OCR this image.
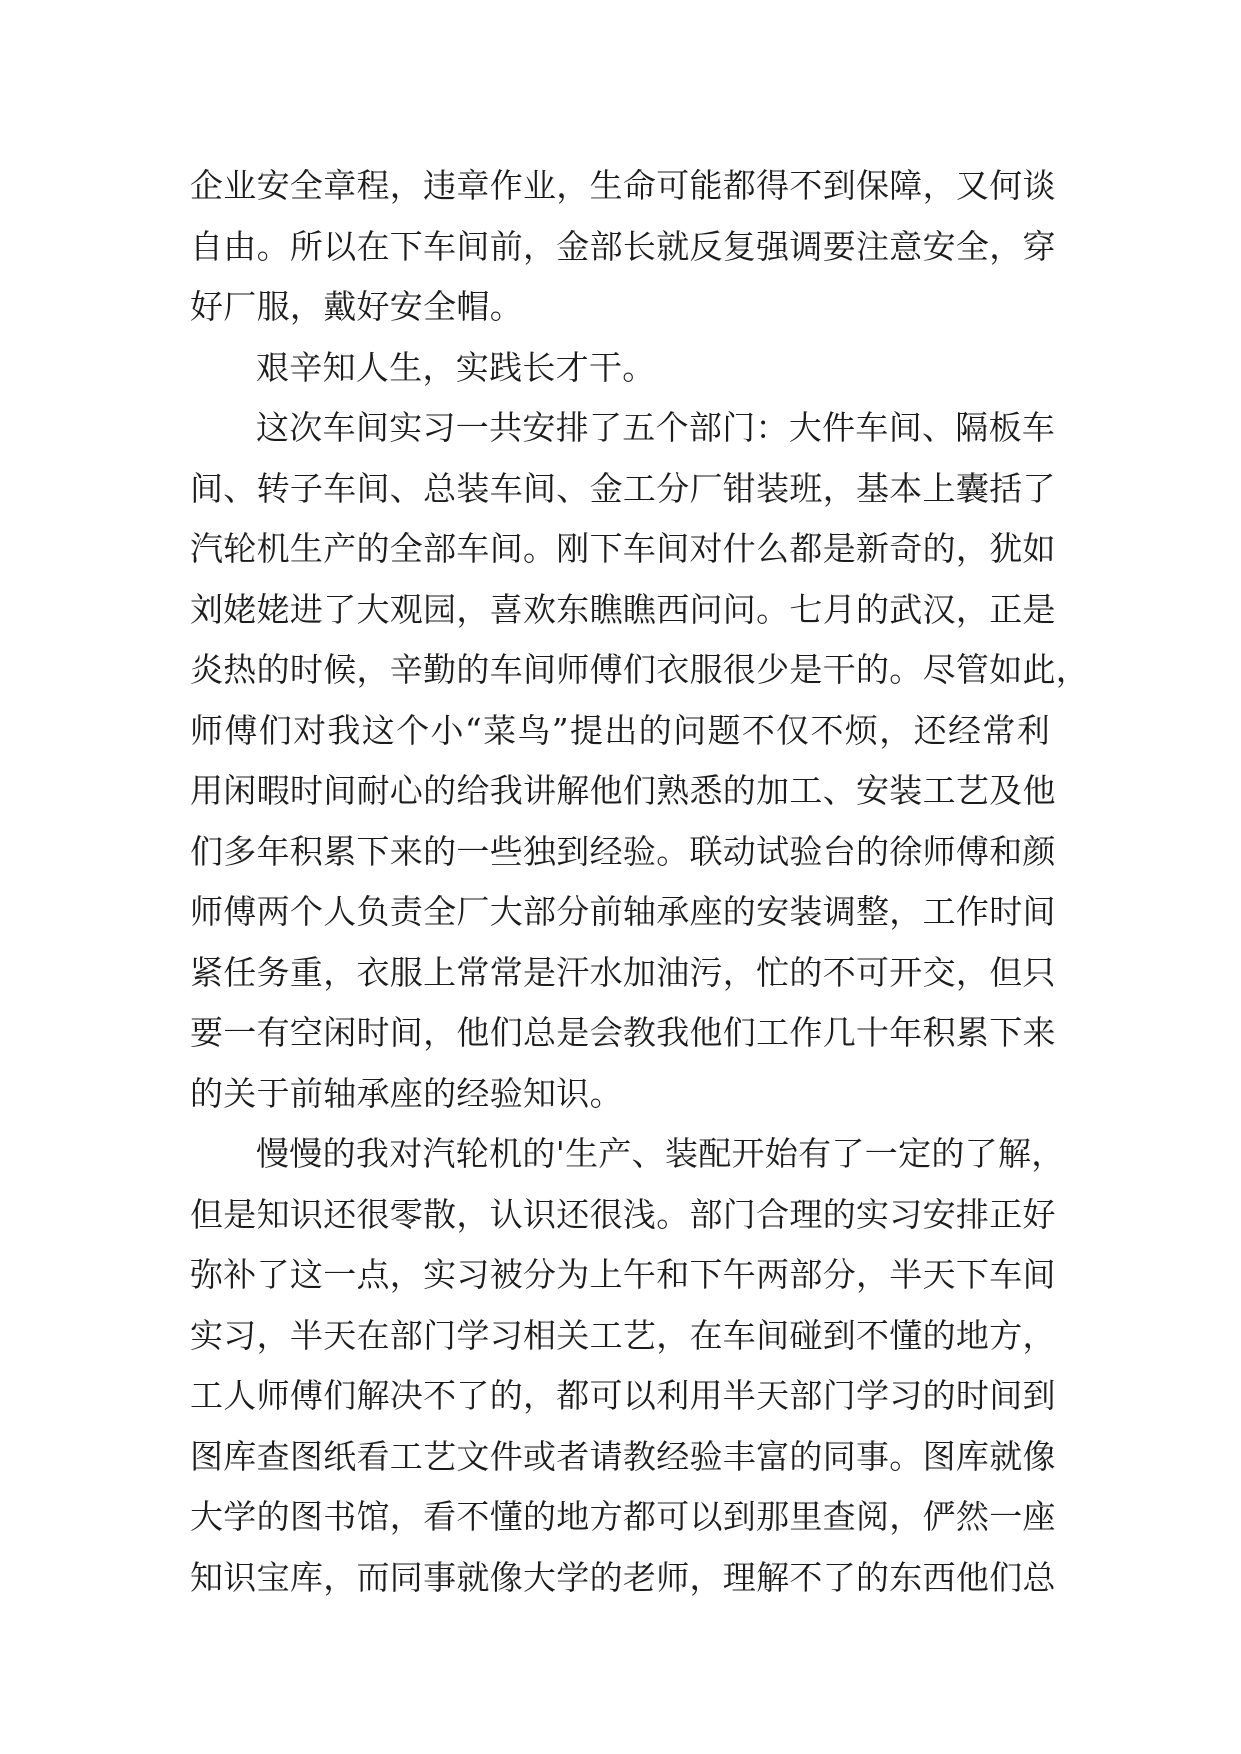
企业安全章程，违章作业，生命可能都得不到保障，又何谈
自由。所以在下车间前，金部长就反复强调要注意安全，穿
好厂服，戴好安全帽。
艰辛知人生，实践长才干。
这次车间实习一共安排了五个部门：大件车间、隔板车
间、转子车间、总装车间、金工分厂钳装班，基本上囊括了
汽轮机生产的全部车间。刚下车间对什么都是新奇的，犹如
刘姥姥进了大观园，喜欢东瞧瞧西问问。七月的武汉，正是
炎热的时候，辛勤的车间师傅们衣服很少是干的。尽管如此，
师傅们对我这个小“菜鸟”提出的问题不仅不烦，还经常利
用闲暇时间耐心的给我讲解他们熟悉的加工、安装工艺及他
们多年积累下来的一些独到经验。联动试验台的徐师傅和颜
师傅两个人负责全厂大部分前轴承座的安装调整，工作时间
紧任务重，衣服上常常是汗水加油污，忙的不可开交，但只
要一有空闲时间，他们总是会教我他们工作几十年积累下来
的关于前轴承座的经验知识。
慢慢的我对汽轮机的'生产、装配开始有了一定的了解，
但是知识还很零散，认识还很浅。部门合理的实习安排正好
弥补了这一点，实习被分为上午和下午两部分，半天下车间
实习，半天在部门学习相关工艺，在车间碰到不懂的地方，
工人师傅们解决不了的，都可以利用半天部门学习的时间到
图库查图纸看工艺文件或者请教经验丰富的同事。图库就像
大学的图书馆，看不懂的地方都可以到那里查阅，俨然一座
知识宝库，而同事就像大学的老师，理解不了的东西他们总
